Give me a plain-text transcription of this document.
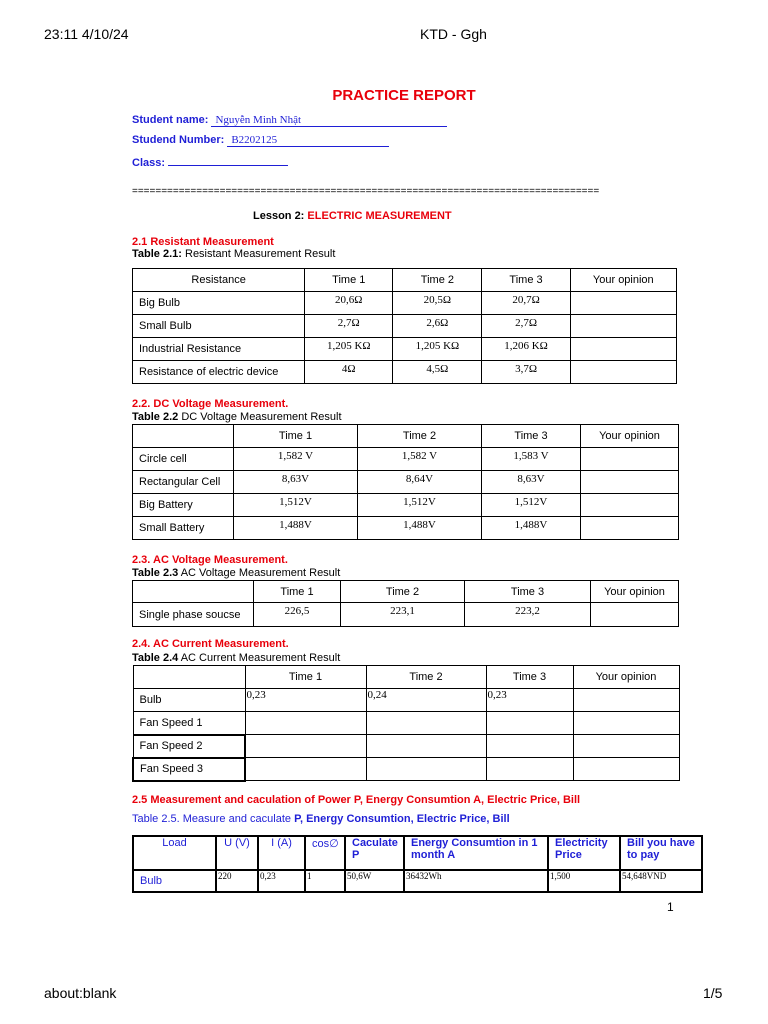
23:11 4/10/24	KTD - Ggh
PRACTICE REPORT
Student name: Nguyễn Minh Nhật
Studend Number: B2202125
Class:
================================================================================
Lesson 2: ELECTRIC MEASUREMENT
2.1 Resistant Measurement
Table 2.1: Resistant Measurement Result
Resistance	Time 1	Time 2	Time 3	Your opinion
Big Bulb	20,6Ω	20,5Ω	20,7Ω	
Small Bulb	2,7Ω	2,6Ω	2,7Ω	
Industrial Resistance	1,205 KΩ	1,205 KΩ	1,206 KΩ	
Resistance of electric device	4Ω	4,5Ω	3,7Ω	
2.2. DC Voltage Measurement.
Table 2.2 DC Voltage Measurement Result
	Time 1	Time 2	Time 3	Your opinion
Circle cell	1,582 V	1,582 V	1,583 V	
Rectangular Cell	8,63V	8,64V	8,63V	
Big Battery	1,512V	1,512V	1,512V	
Small Battery	1,488V	1,488V	1,488V	
2.3. AC Voltage Measurement.
Table 2.3 AC Voltage Measurement Result
	Time 1	Time 2	Time 3	Your opinion
Single phase soucse	226,5	223,1	223,2	
2.4. AC Current Measurement.
Table 2.4 AC Current Measurement Result
	Time 1	Time 2	Time 3	Your opinion
Bulb	0,23	0,24	0,23	
Fan Speed 1				
Fan Speed 2				
Fan Speed 3				
2.5 Measurement and caculation of Power P, Energy Consumtion A, Electric Price, Bill
Table 2.5. Measure and caculate P, Energy Consumtion, Electric Price, Bill
Load	U (V)	I (A)	cos∅	Caculate P	Energy Consumtion in 1 month A	Electricity Price	Bill you have to pay
Bulb	220	0,23	1	50,6W	36432Wh	1,500	54,648VND
1
about:blank	1/5
